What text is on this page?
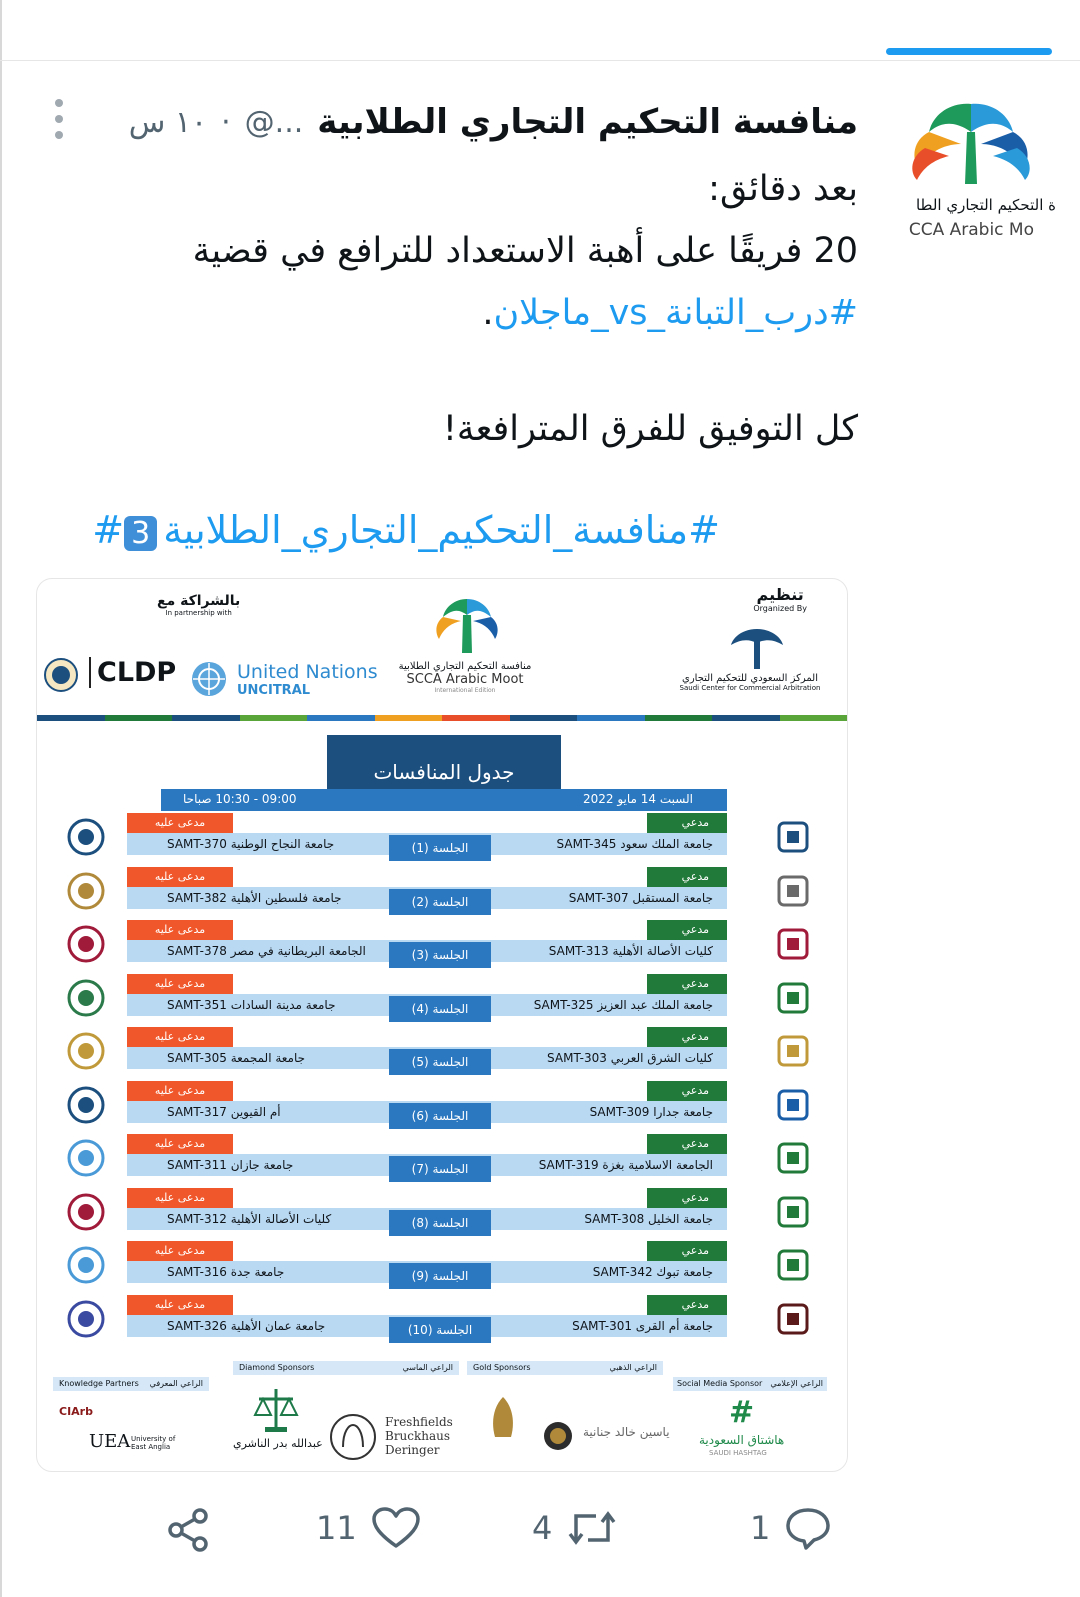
ة التحكيم التجاري الطا
CCA Arabic Mo
منافسة التحكيم التجاري الطلابية
...@
·
١٠ س

بعد دقائق:

20 فريقًا على أهبة الاستعداد للترافع في قضية

#درب_التبانة_vs_ماجلان.

كل التوفيق للفرق المترافعة!

#منافسة_التحكيم_التجاري_الطلابية3#
تنظيم
Organized By
المركز السعودي للتحكيم التجاري
Saudi Center for Commercial Arbitration
منافسة التحكيم التجاري الطلابية
SCCA Arabic Moot
International Edition
بالشراكة مع
In partnership with
CLDP	United Nations
UNCITRAL
جدول المنافسات
السبت 14 مايو 2022
09:00 - 10:30 صباحا
مدعي
مدعى عليه
جامعة النجاح الوطنية SAMT-370	جامعة الملك سعود SAMT-345
الجلسة (1)
مدعي
مدعى عليه
جامعة فلسطين الأهلية SAMT-382	جامعة المستقبل SAMT-307
الجلسة (2)
مدعي
مدعى عليه
الجامعة البريطانية في مصر SAMT-378	كليات الأصالة الأهلية SAMT-313
الجلسة (3)
مدعي
مدعى عليه
جامعة مدينة السادات SAMT-351	جامعة الملك عبد العزيز SAMT-325
الجلسة (4)
مدعي
مدعى عليه
جامعة المجمعة SAMT-305	كليات الشرق العربي SAMT-303
الجلسة (5)
مدعي
مدعى عليه
أم القيوين SAMT-317	جامعة جدارا SAMT-309
الجلسة (6)
مدعي
مدعى عليه
جامعة جازان SAMT-311	الجامعة الاسلامية بغزة SAMT-319
الجلسة (7)
مدعي
مدعى عليه
كليات الأصالة الأهلية SAMT-312	جامعة الخليل SAMT-308
الجلسة (8)
مدعي
مدعى عليه
جامعة جدة SAMT-316	جامعة تبوك SAMT-342
الجلسة (9)
مدعي
مدعى عليه
جامعة عمان الأهلية SAMT-326	جامعة أم القرى SAMT-301
الجلسة (10)
Knowledge Partners الراعي المعرفي
Diamond Sponsors	الراعي الماسي	Gold Sponsors	الراعي الذهبي
Social Media Sponsor الراعي الإعلامي
CIArb
UEA University of East Anglia	عبدالله بدر الناشري
Freshfields Bruckhaus Deringer
ياسين خالد جنانية
#
هاشتاق السعودية
SAUDI HASHTAG
1
4
11
